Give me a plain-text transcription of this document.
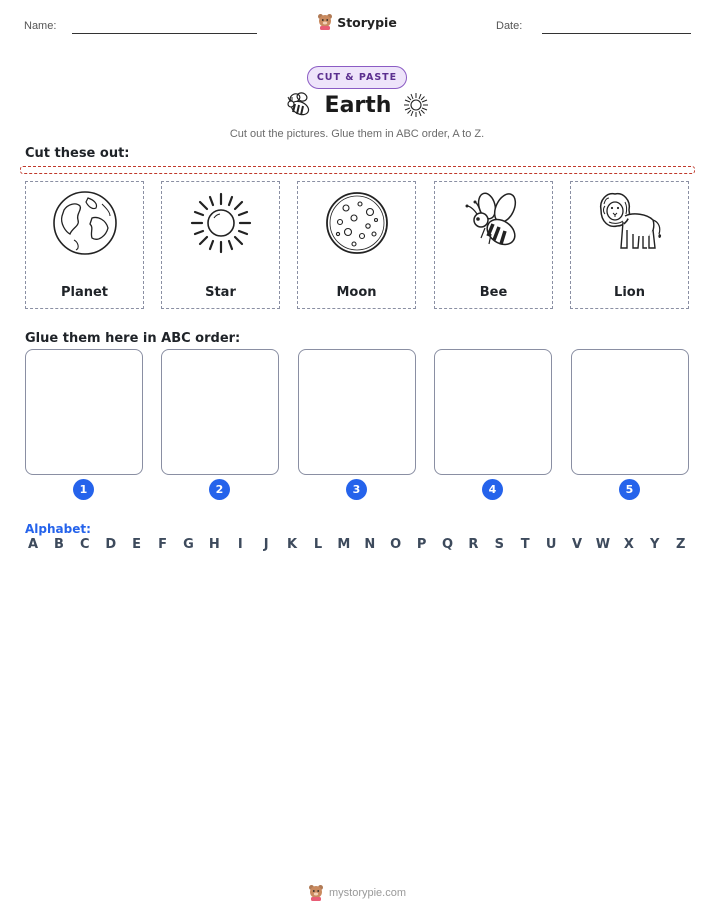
Name:	Date:
Storypie
CUT & PASTE
Earth
Cut out the pictures. Glue them in ABC order, A to Z.
Cut these out:
Planet	Star	Moon	Bee	Lion
Glue them here in ABC order:
1	2	3	4	5
Alphabet:
A B C D E F G H	I	J	K L M N O P Q R S T U V W X Y Z
mystorypie.com
